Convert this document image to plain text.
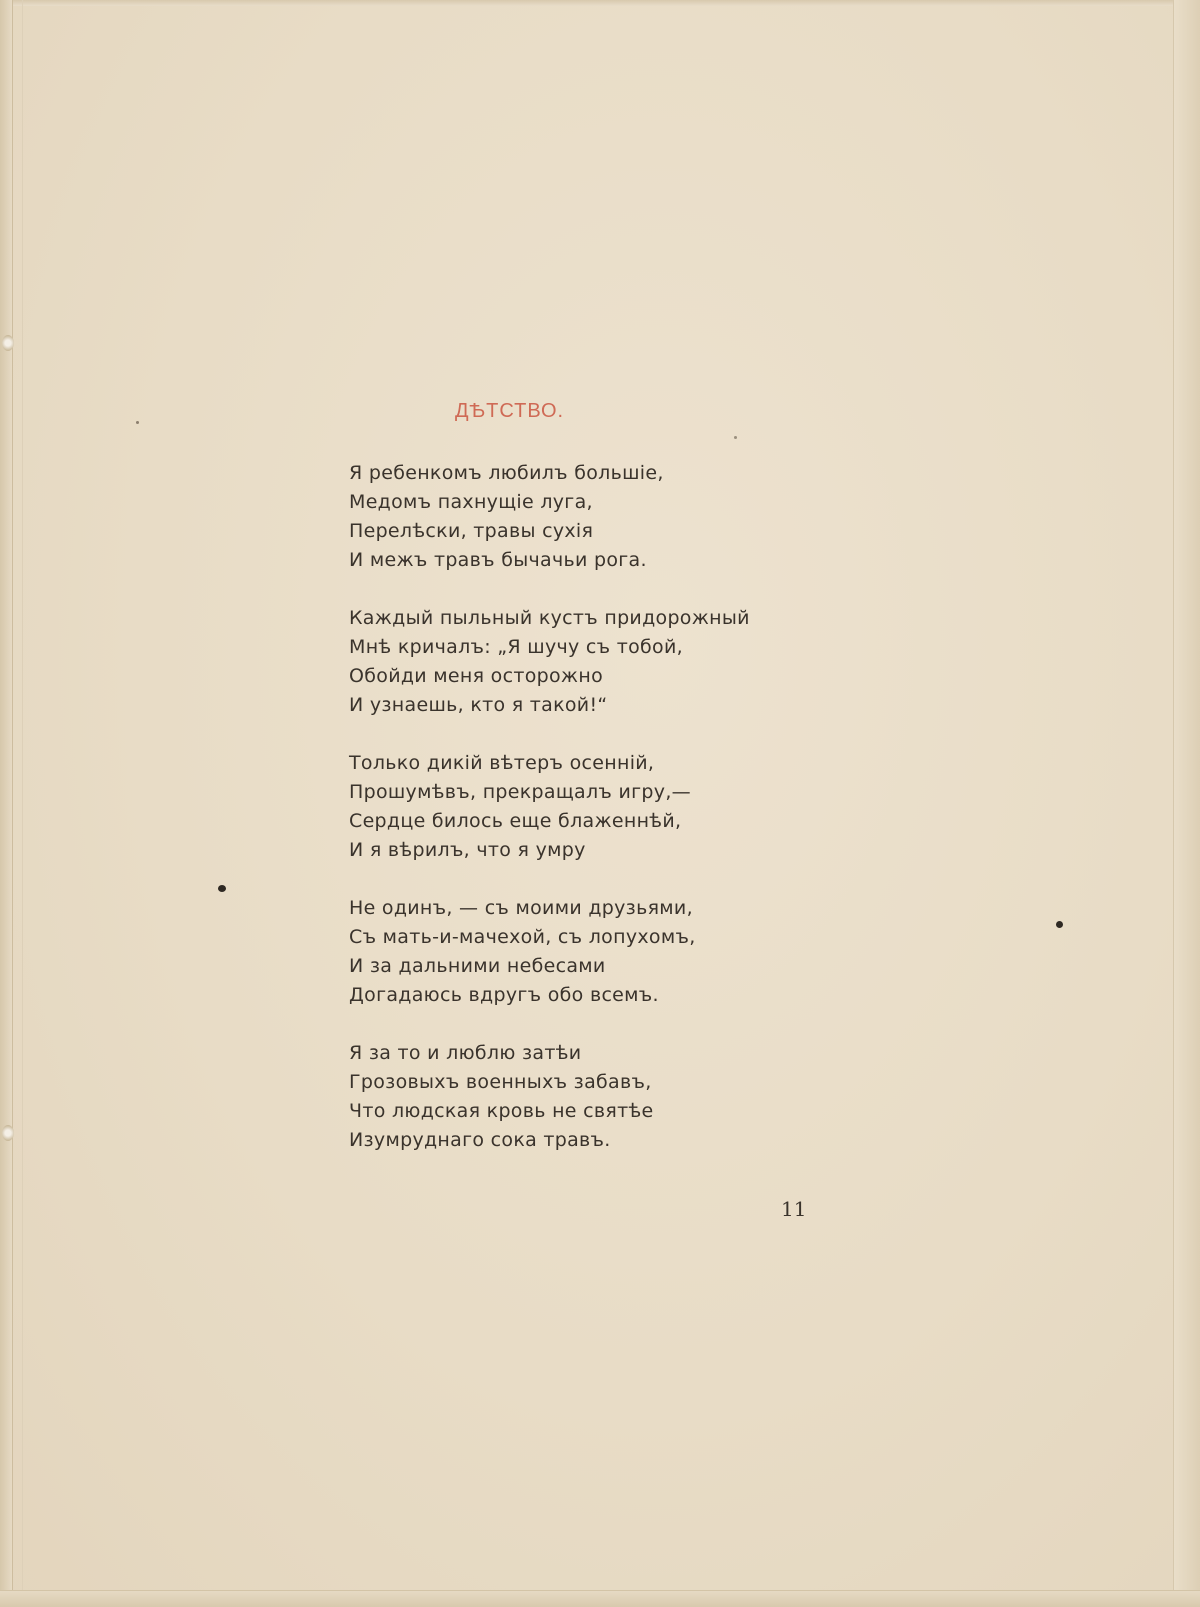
ДѢТСТВО.
Я ребенкомъ любилъ большіе,
Медомъ пахнущіе луга,
Перелѣски, травы сухія
И межъ травъ бычачьи рога.
Каждый пыльный кустъ придорожный
Мнѣ кричалъ: „Я шучу съ тобой,
Обойди меня осторожно
И узнаешь, кто я такой!“
Только дикій вѣтеръ осенній,
Прошумѣвъ, прекращалъ игру,—
Сердце билось еще блаженнѣй,
И я вѣрилъ, что я умру
Не одинъ, — съ моими друзьями,
Съ мать-и-мачехой, съ лопухомъ,
И за дальними небесами
Догадаюсь вдругъ обо всемъ.
Я за то и люблю затѣи
Грозовыхъ военныхъ забавъ,
Что людская кровь не святѣе
Изумруднаго сока травъ.
11
